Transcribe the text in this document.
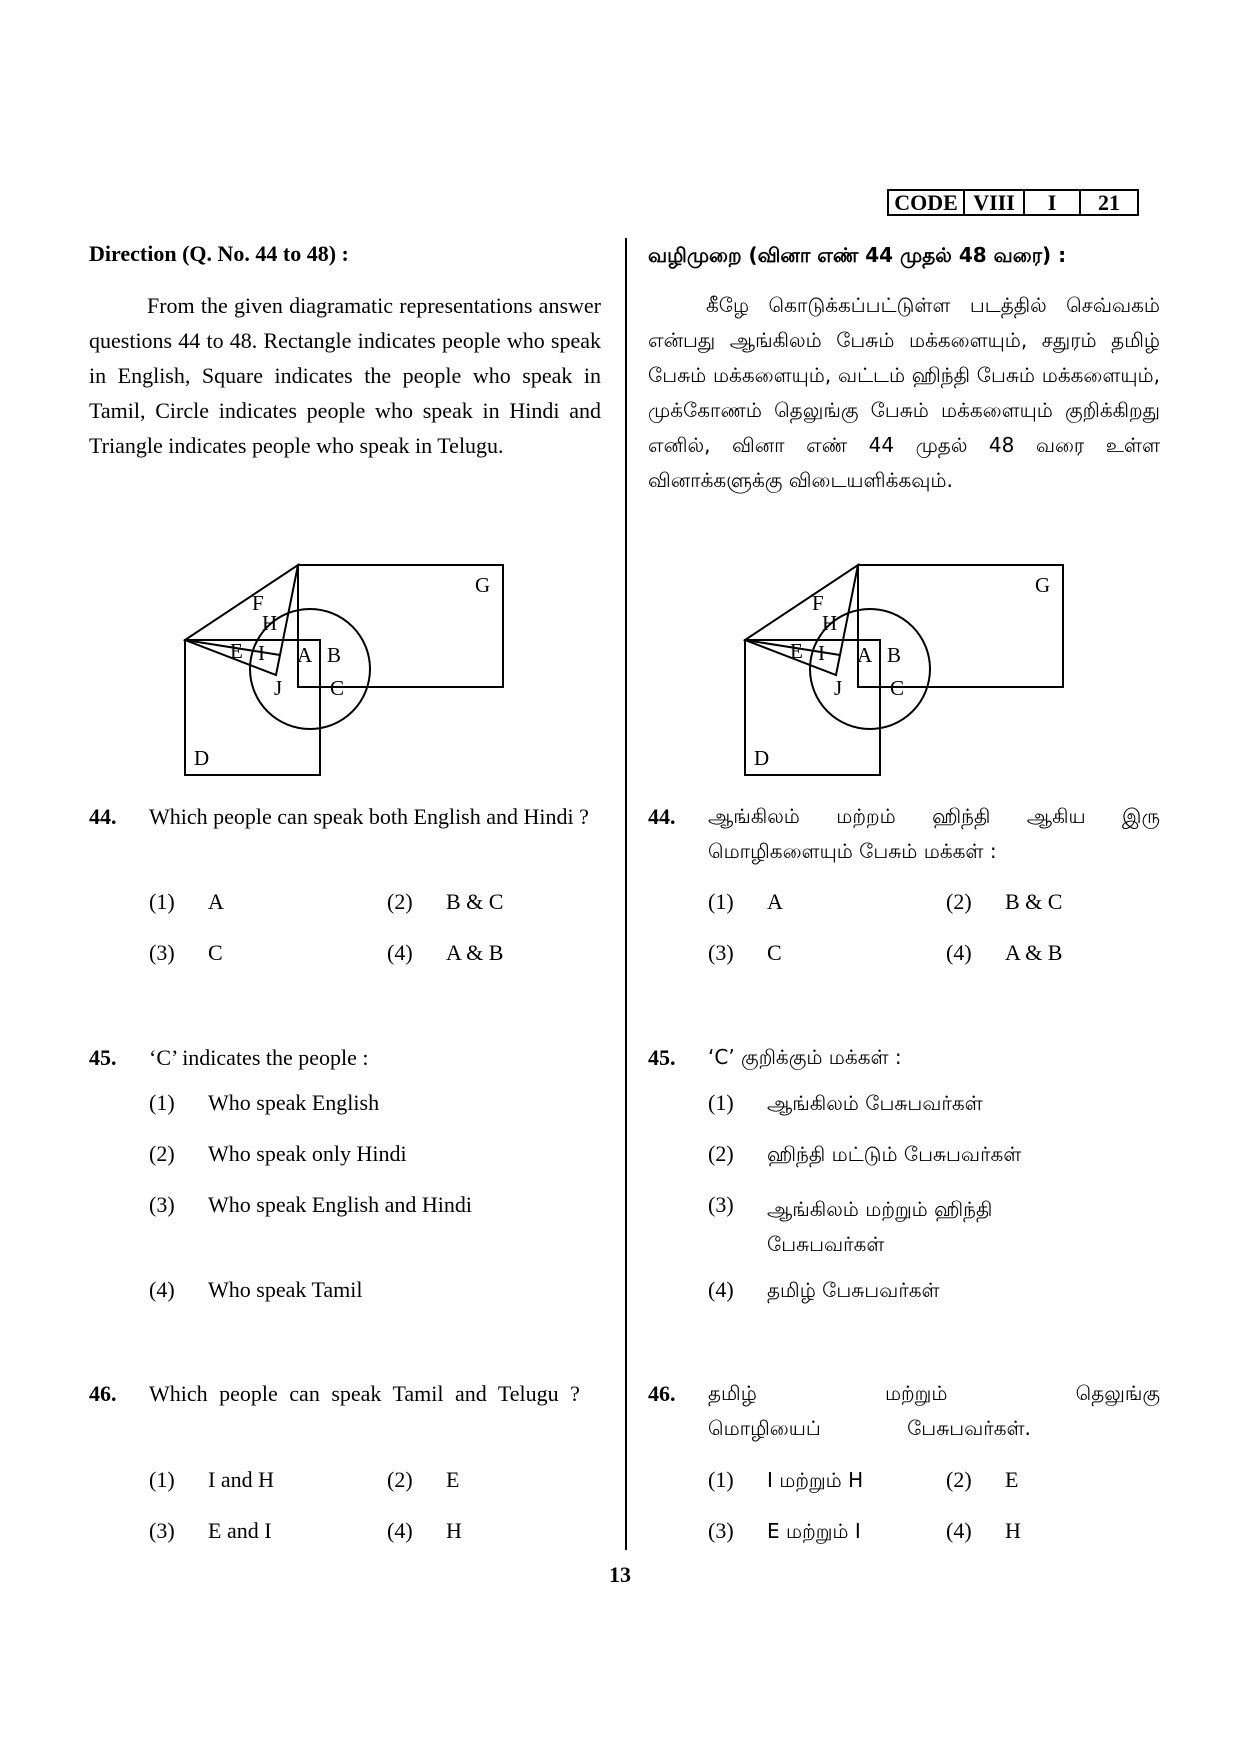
CODE VIII	I	21
Direction (Q. No. 44 to 48) :
From the given diagramatic representations answer questions 44 to 48. Rectangle indicates people who speak in English, Square indicates the people who speak in Tamil, Circle indicates people who speak in Hindi and Triangle indicates people who speak in Telugu.
G
F
H
E I A B
J C
D
44. Which people can speak both English and Hindi ?
(1) A	(2) B & C
(3) C	(4) A & B
45. ‘C’ indicates the people :
(1) Who speak English
(2) Who speak only Hindi
(3) Who speak English and Hindi
(4) Who speak Tamil
46. Which people can speak Tamil and Telugu ?
(1) I and H	(2) E
(3) E and I	(4) H
வழிமுறை (வினா எண் 44 முதல் 48 வரை) :
கீழே கொடுக்கப்பட்டுள்ள படத்தில் செவ்வகம் என்பது ஆங்கிலம் பேசும் மக்களையும், சதுரம் தமிழ் பேசும் மக்களையும், வட்டம் ஹிந்தி பேசும் மக்களையும், முக்கோணம் தெலுங்கு பேசும் மக்களையும் குறிக்கிறது எனில், வினா எண் 44 முதல் 48 வரை உள்ள வினாக்களுக்கு விடையளிக்கவும்.
G
F
H
E I A B
J C
D
44. ஆங்கிலம் மற்றம் ஹிந்தி ஆகிய இரு மொழிகளையும் பேசும் மக்கள் :
(1) A	(2) B & C
(3) C	(4) A & B
45. ‘C’ குறிக்கும் மக்கள் :
(1) ஆங்கிலம் பேசுபவர்கள்
(2) ஹிந்தி மட்டும் பேசுபவர்கள்
(3) ஆங்கிலம் மற்றும் ஹிந்தி பேசுபவர்கள்
(4) தமிழ் பேசுபவர்கள்
46. தமிழ் மற்றும் தெலுங்கு மொழியைப் பேசுபவர்கள்.
(1) I மற்றும் H	(2) E
(3) E மற்றும் I	(4) H
13
